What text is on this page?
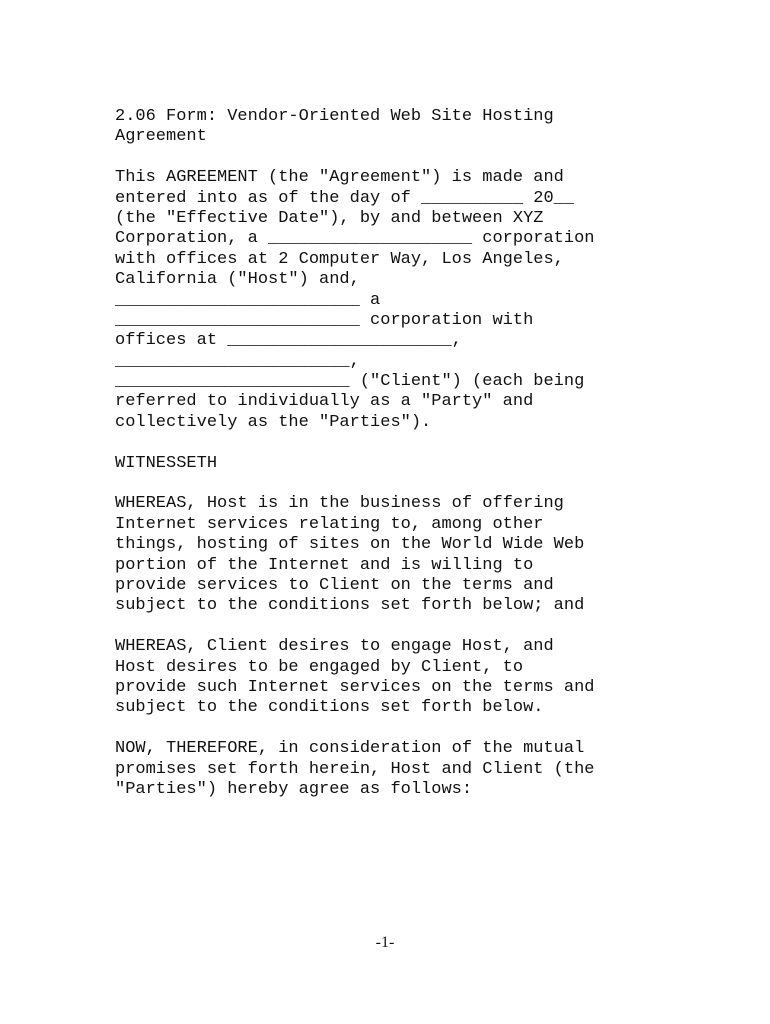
2.06 Form: Vendor-Oriented Web Site Hosting
Agreement
This AGREEMENT (the "Agreement") is made and
entered into as of the day of __________ 20__
(the "Effective Date"), by and between XYZ
Corporation, a ____________________ corporation
with offices at 2 Computer Way, Los Angeles,
California ("Host") and,
________________________ a
________________________ corporation with
offices at ______________________,
_______________________,
_______________________ ("Client") (each being
referred to individually as a "Party" and
collectively as the "Parties").
WITNESSETH
WHEREAS, Host is in the business of offering
Internet services relating to, among other
things, hosting of sites on the World Wide Web
portion of the Internet and is willing to
provide services to Client on the terms and
subject to the conditions set forth below; and
WHEREAS, Client desires to engage Host, and
Host desires to be engaged by Client, to
provide such Internet services on the terms and
subject to the conditions set forth below.
NOW, THEREFORE, in consideration of the mutual
promises set forth herein, Host and Client (the
"Parties") hereby agree as follows:
-1-
